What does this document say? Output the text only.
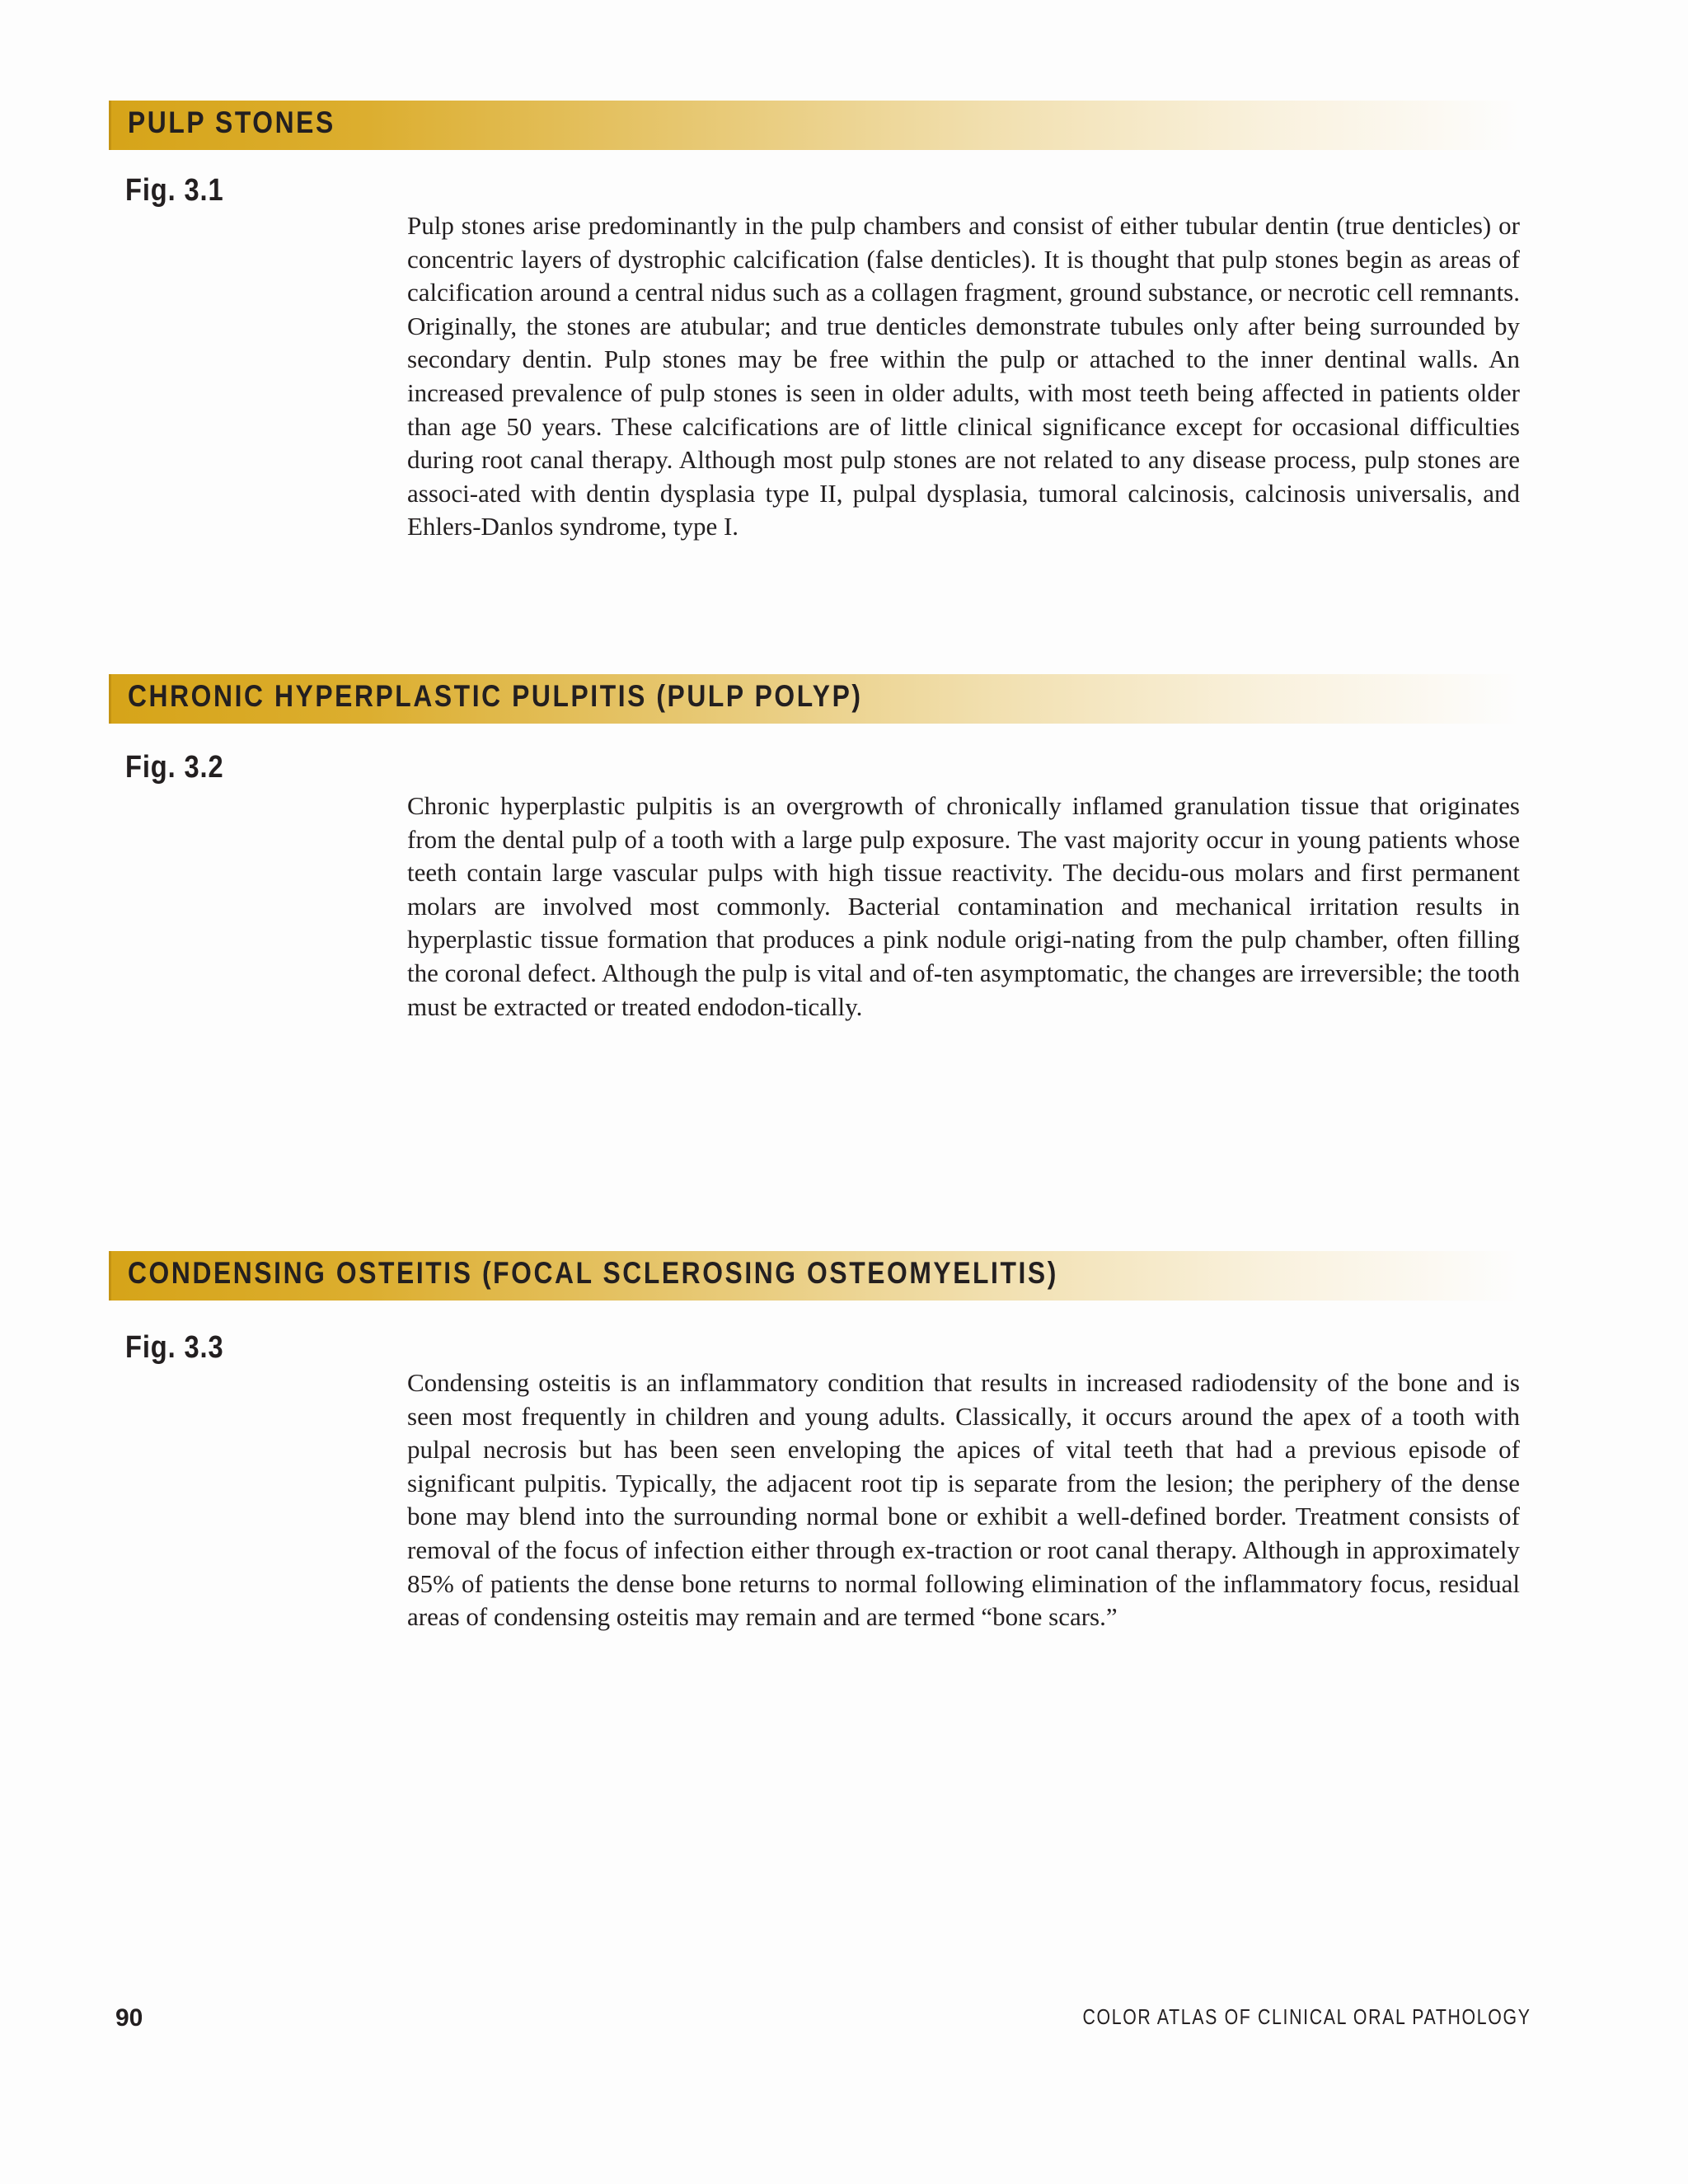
PULP STONES
Fig. 3.1

Pulp stones arise predominantly in the pulp chambers and consist of either tubular dentin (true denticles) or concentric layers of dystrophic calcification (false denticles). It is thought that pulp stones begin as areas of calcification around a central nidus such as a collagen fragment, ground substance, or necrotic cell remnants. Originally, the stones are atubular; and true denticles demonstrate tubules only after being surrounded by secondary dentin. Pulp stones may be free within the pulp or attached to the inner dentinal walls. An increased prevalence of pulp stones is seen in older adults, with most teeth being affected in patients older than age 50 years. These calcifications are of little clinical significance except for occasional difficulties during root canal therapy. Although most pulp stones are not related to any disease process, pulp stones are associ-ated with dentin dysplasia type II, pulpal dysplasia, tumoral calcinosis, calcinosis universalis, and Ehlers-Danlos syndrome, type I.

CHRONIC HYPERPLASTIC PULPITIS (PULP POLYP)
Fig. 3.2

Chronic hyperplastic pulpitis is an overgrowth of chronically inflamed granulation tissue that originates from the dental pulp of a tooth with a large pulp exposure. The vast majority occur in young patients whose teeth contain large vascular pulps with high tissue reactivity. The decidu-ous molars and first permanent molars are involved most commonly. Bacterial contamination and mechanical irritation results in hyperplastic tissue formation that produces a pink nodule origi-nating from the pulp chamber, often filling the coronal defect. Although the pulp is vital and of-ten asymptomatic, the changes are irreversible; the tooth must be extracted or treated endodon-tically.

CONDENSING OSTEITIS (FOCAL SCLEROSING OSTEOMYELITIS)
Fig. 3.3

Condensing osteitis is an inflammatory condition that results in increased radiodensity of the bone and is seen most frequently in children and young adults. Classically, it occurs around the apex of a tooth with pulpal necrosis but has been seen enveloping the apices of vital teeth that had a previous episode of significant pulpitis. Typically, the adjacent root tip is separate from the lesion; the periphery of the dense bone may blend into the surrounding normal bone or exhibit a well-defined border. Treatment consists of removal of the focus of infection either through ex-traction or root canal therapy. Although in approximately 85% of patients the dense bone returns to normal following elimination of the inflammatory focus, residual areas of condensing osteitis may remain and are termed “bone scars.”

90	COLOR ATLAS OF CLINICAL ORAL PATHOLOGY
